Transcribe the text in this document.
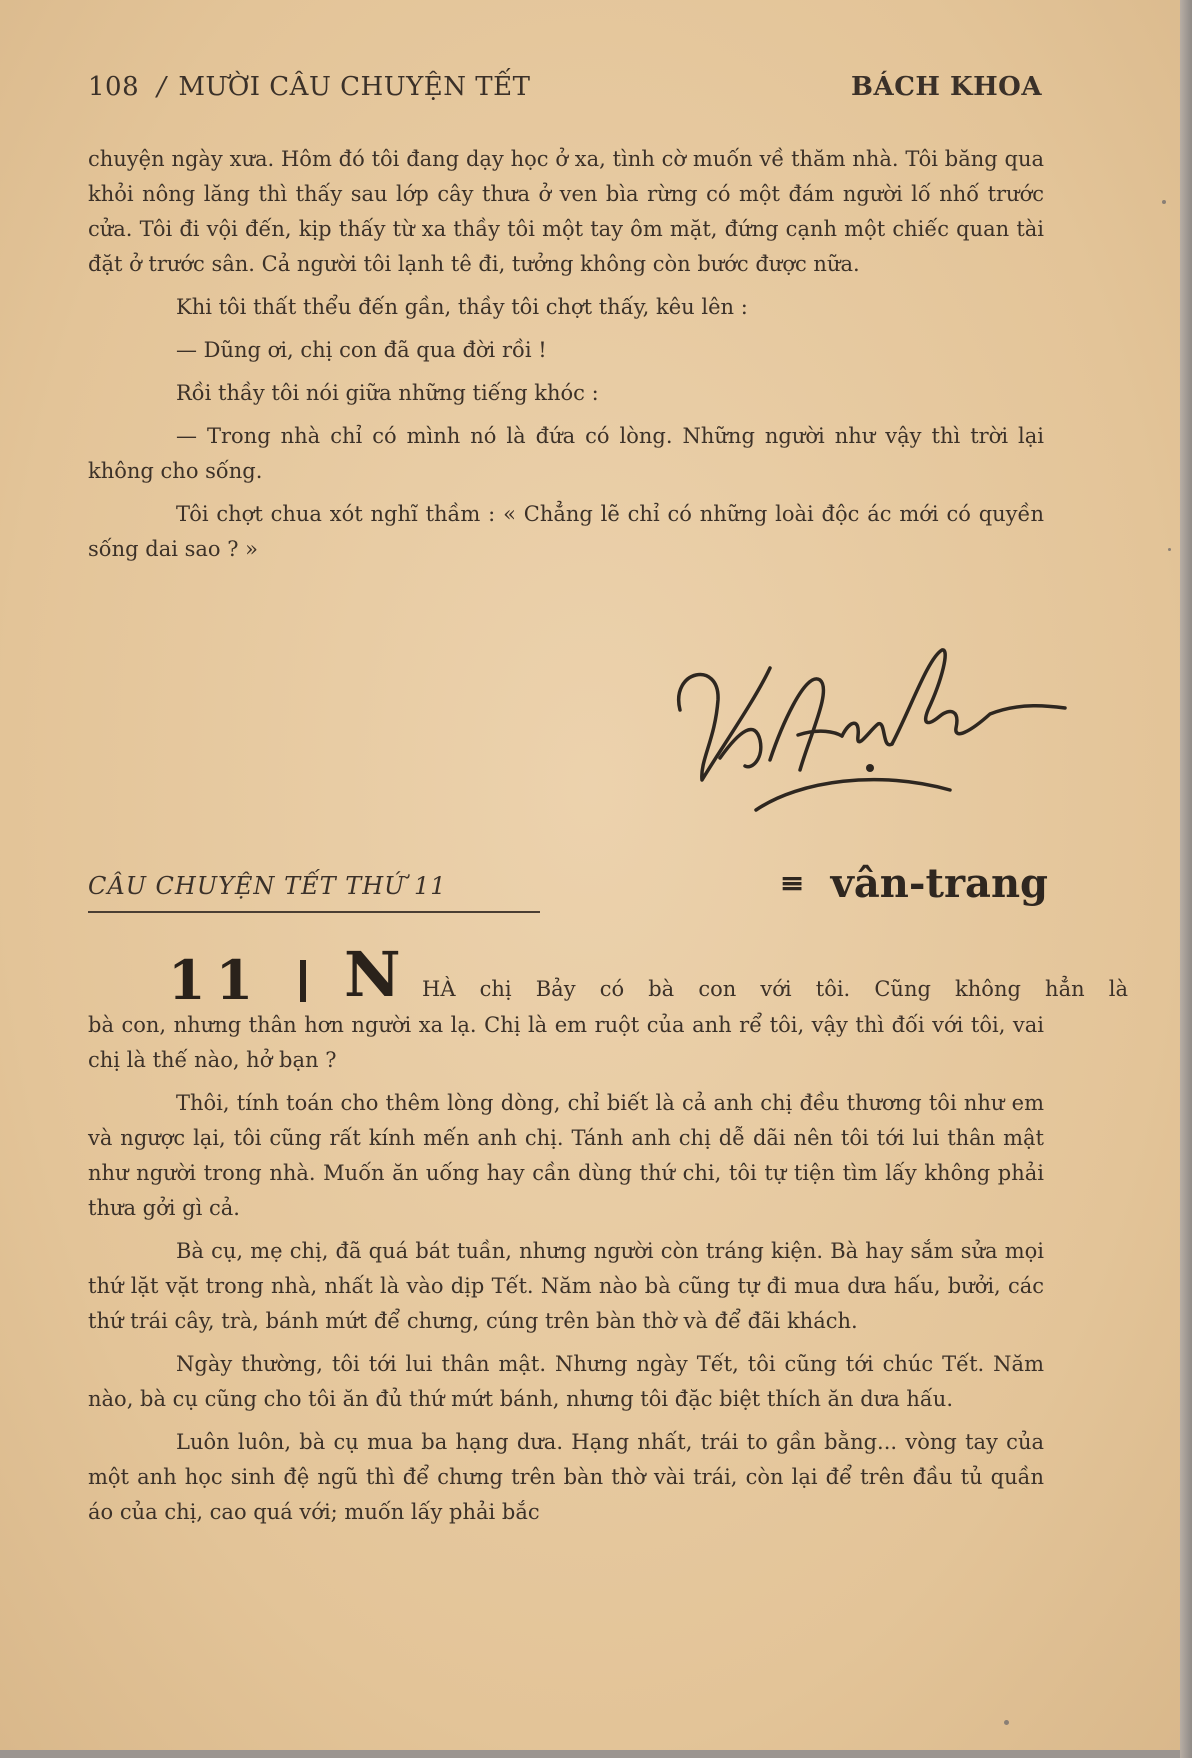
108 / MƯỜI CÂU CHUYỆN TẾT	BÁCH KHOA

chuyện ngày xưa. Hôm đó tôi đang dạy học ở xa, tình cờ muốn về thăm nhà. Tôi băng qua khỏi nông lăng thì thấy sau lớp cây thưa ở ven bìa rừng có một đám người lố nhố trước cửa. Tôi đi vội đến, kịp thấy từ xa thầy tôi một tay ôm mặt, đứng cạnh một chiếc quan tài đặt ở trước sân. Cả người tôi lạnh tê đi, tưởng không còn bước được nữa.

Khi tôi thất thểu đến gần, thầy tôi chợt thấy, kêu lên :

— Dũng ơi, chị con đã qua đời rồi !

Rồi thầy tôi nói giữa những tiếng khóc :

— Trong nhà chỉ có mình nó là đứa có lòng. Những người như vậy thì trời lại không cho sống.

Tôi chợt chua xót nghĩ thầm : « Chẳng lẽ chỉ có những loài độc ác mới có quyền sống dai sao ? »

CÂU CHUYỆN TẾT THỨ 11	≡ vân-trang
11 N HÀ chị Bảy có bà con với tôi. Cũng không hẳn là

bà con, nhưng thân hơn người xa lạ. Chị là em ruột của anh rể tôi, vậy thì đối với tôi, vai chị là thế nào, hở bạn ?

Thôi, tính toán cho thêm lòng dòng, chỉ biết là cả anh chị đều thương tôi như em và ngược lại, tôi cũng rất kính mến anh chị. Tánh anh chị dễ dãi nên tôi tới lui thân mật như người trong nhà. Muốn ăn uống hay cần dùng thứ chi, tôi tự tiện tìm lấy không phải thưa gởi gì cả.

Bà cụ, mẹ chị, đã quá bát tuần, nhưng người còn tráng kiện. Bà hay sắm sửa mọi thứ lặt vặt trong nhà, nhất là vào dịp Tết. Năm nào bà cũng tự đi mua dưa hấu, bưởi, các thứ trái cây, trà, bánh mứt để chưng, cúng trên bàn thờ và để đãi khách.

Ngày thường, tôi tới lui thân mật. Nhưng ngày Tết, tôi cũng tới chúc Tết. Năm nào, bà cụ cũng cho tôi ăn đủ thứ mứt bánh, nhưng tôi đặc biệt thích ăn dưa hấu.

Luôn luôn, bà cụ mua ba hạng dưa. Hạng nhất, trái to gần bằng... vòng tay của một anh học sinh đệ ngũ thì để chưng trên bàn thờ vài trái, còn lại để trên đầu tủ quần áo của chị, cao quá với; muốn lấy phải bắc
